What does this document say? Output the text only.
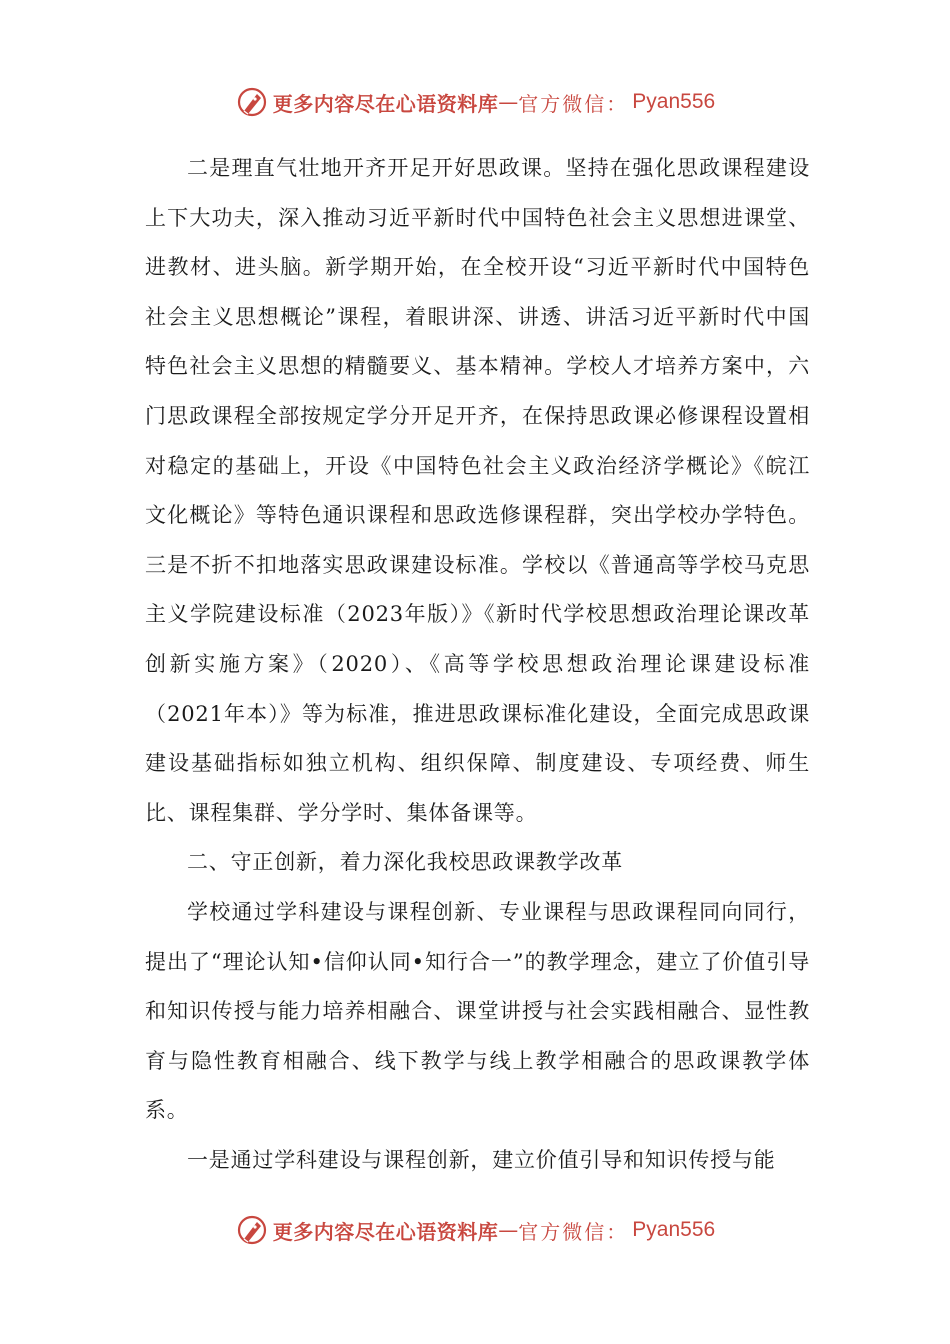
更多内容尽在心语资料库 — 官方微信： Pyan556

二是理直气壮地开齐开足开好思政课。坚持在强化思政课程建设上下大功夫，深入推动习近平新时代中国特色社会主义思想进课堂、进教材、进头脑。新学期开始，在全校开设“习近平新时代中国特色社会主义思想概论”课程，着眼讲深、讲透、讲活习近平新时代中国特色社会主义思想的精髓要义、基本精神。学校人才培养方案中，六门思政课程全部按规定学分开足开齐，在保持思政课必修课程设置相对稳定的基础上，开设《中国特色社会主义政治经济学概论》《皖江文化概论》等特色通识课程和思政选修课程群，突出学校办学特色。三是不折不扣地落实思政课建设标准。学校以《普通高等学校马克思主义学院建设标准（2023年版）》《新时代学校思想政治理论课改革创新实施方案》（2020）、《高等学校思想政治理论课建设标准（2021年本）》等为标准，推进思政课标准化建设，全面完成思政课建设基础指标如独立机构、组织保障、制度建设、专项经费、师生比、课程集群、学分学时、集体备课等。

二、守正创新，着力深化我校思政课教学改革

学校通过学科建设与课程创新、专业课程与思政课程同向同行，提出了“理论认知•信仰认同•知行合一”的教学理念，建立了价值引导和知识传授与能力培养相融合、课堂讲授与社会实践相融合、显性教育与隐性教育相融合、线下教学与线上教学相融合的思政课教学体系。

一是通过学科建设与课程创新，建立价值引导和知识传授与能

更多内容尽在心语资料库 — 官方微信： Pyan556
